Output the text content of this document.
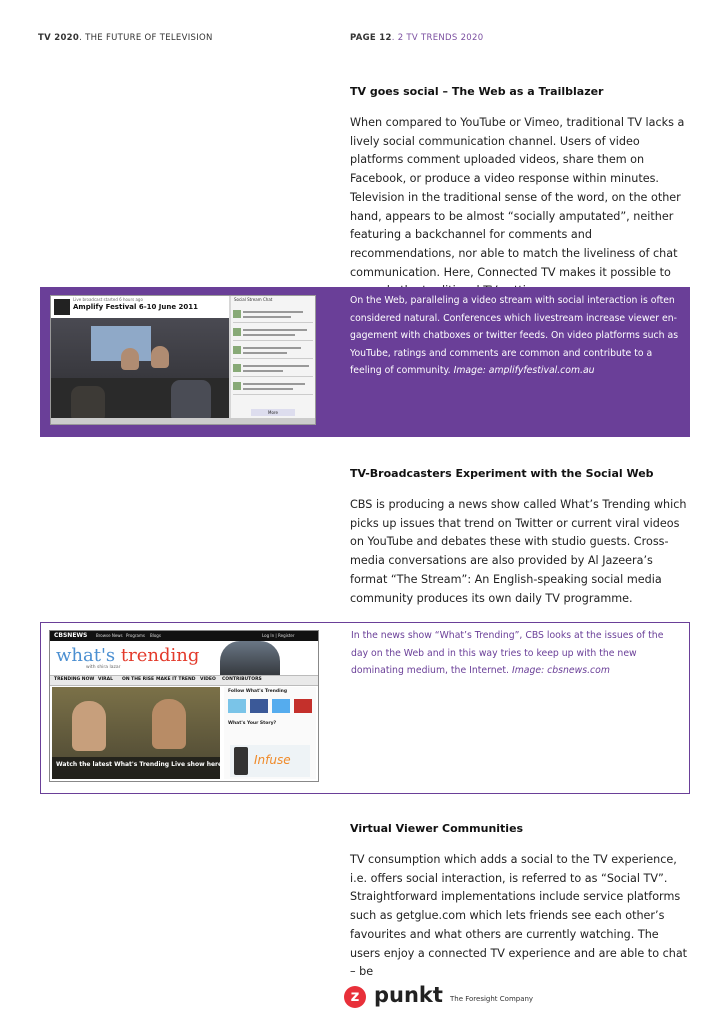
TV 2020. THE FUTURE OF TELEVISION	PAGE 12. 2 TV TRENDS 2020
TV goes social – The Web as a Trailblazer

When compared to YouTube or Vimeo, traditional TV lacks a lively social communication channel. Users of video platforms comment uploaded videos, share them on Facebook, or produce a video response within minutes. Television in the traditional sense of the word, on the other hand, appears to be almost “socially amputated”, neither featuring a backchannel for comments and recommendations, nor able to match the liveliness of chat communication. Here, Connected TV makes it possible to

Live broadcast started 6 hours ago
Amplify Festival 6-10 June 2011
Social Stream Chat
More
On the Web, paralleling a video stream with social interaction is often considered natural. Conferences which livestream increase viewer engagement with chatboxes or twitter feeds. On video platforms such as YouTube, ratings and comments are common and contribute to a feeling of community. Image: amplifyfestival.com.au
TV-Broadcasters Experiment with the Social Web

CBS is producing a news show called What’s Trending which picks up issues that trend on Twitter or current viral videos on YouTube and debates these with studio guests. Cross-media conversations are also provided by Al Jazeera’s format “The Stream”: An English-speaking social media community produces its own daily TV programme.

CBSNEWS Browse News Programs Blogs	Log In | Register
what's trending
with shira lazar
TRENDING NOW VIRAL ON THE RISE MAKE IT TREND VIDEO CONTRIBUTORS
Watch the latest What's Trending Live show here
Follow What's Trending
What's Your Story?
Infuse
In the news show “What’s Trending”, CBS looks at the issues of the day on the Web and in this way tries to keep up with the new dominating medium, the Internet. Image: cbsnews.com
Virtual Viewer Communities

TV consumption which adds a social to the TV experience, i.e. offers social interaction, is referred to as “Social TV”. Straightforward implementations include service platforms such as getglue.com which lets friends see each other’s favourites and what others are currently watching. The users enjoy a connected TV experience and are able to chat – be

z punkt The Foresight Company
